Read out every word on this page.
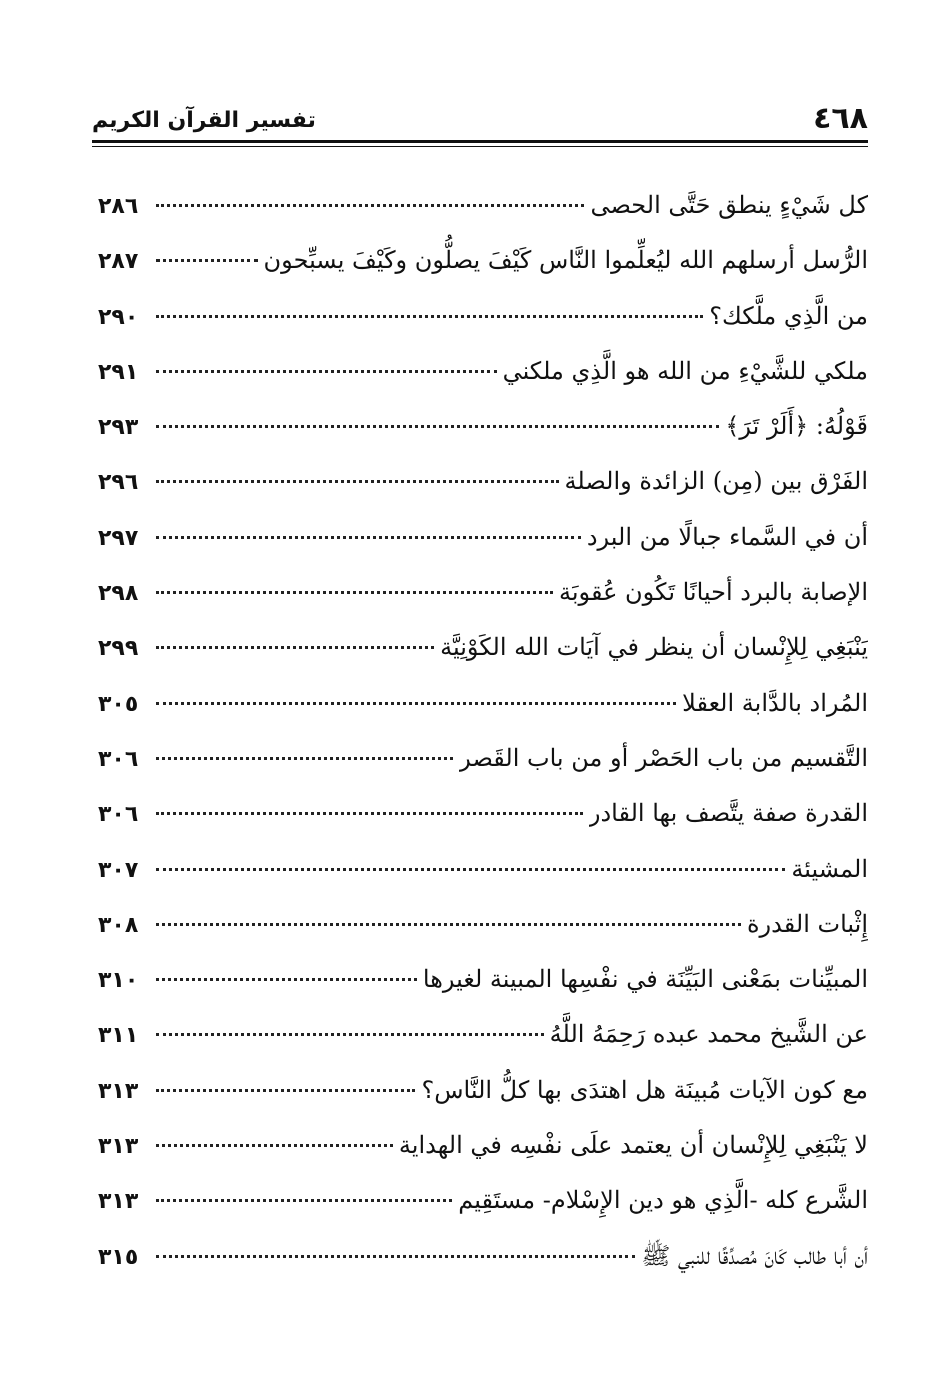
٤٦٨
تفسير القرآن الكريم
كل شَيْءٍ ينطق حَتَّى الحصى
٢٨٦
الرُّسل أرسلهم الله ليُعلِّموا النَّاس كَيْفَ يصلُّون وكَيْفَ يسبِّحون
٢٨٧
من الَّذِي ملَّكك؟
٢٩٠
ملكي للشَّيْءِ من الله هو الَّذِي ملكني
٢٩١
قَوْلُهُ: ﴿أَلَرْ تَرَ﴾
٢٩٣
الفَرْق بين (مِن) الزائدة والصلة
٢٩٦
أن في السَّماء جبالًا من البرد
٢٩٧
الإصابة بالبرد أحيانًا تَكُون عُقوبَة
٢٩٨
يَنْبَغِي لِلإِنْسان أن ينظر في آيَات الله الكَوْنِيَّة
٢٩٩
المُراد بالدَّابة العقلا
٣٠٥
التَّقسيم من باب الحَصْر أو من باب القَصر
٣٠٦
القدرة صفة يتَّصف بها القادر
٣٠٦
المشيئة
٣٠٧
إِثْبات القدرة
٣٠٨
المبيِّنات بمَعْنى البَيِّنَة في نفْسِها المبينة لغيرها
٣١٠
عن الشَّيخ محمد عبده رَحِمَهُ اللَّهُ
٣١١
مع كون الآيات مُبينَة هل اهتدَى بها كلُّ النَّاس؟
٣١٣
لا يَنْبَغِي لِلإِنْسان أن يعتمد علَى نفْسِه في الهداية
٣١٣
الشَّرع كله -الَّذِي هو دين الإِسْلام- مستَقِيم
٣١٣
أن أبا طالب كَانَ مُصدِّقًا للنبي ﷺ
٣١٥
